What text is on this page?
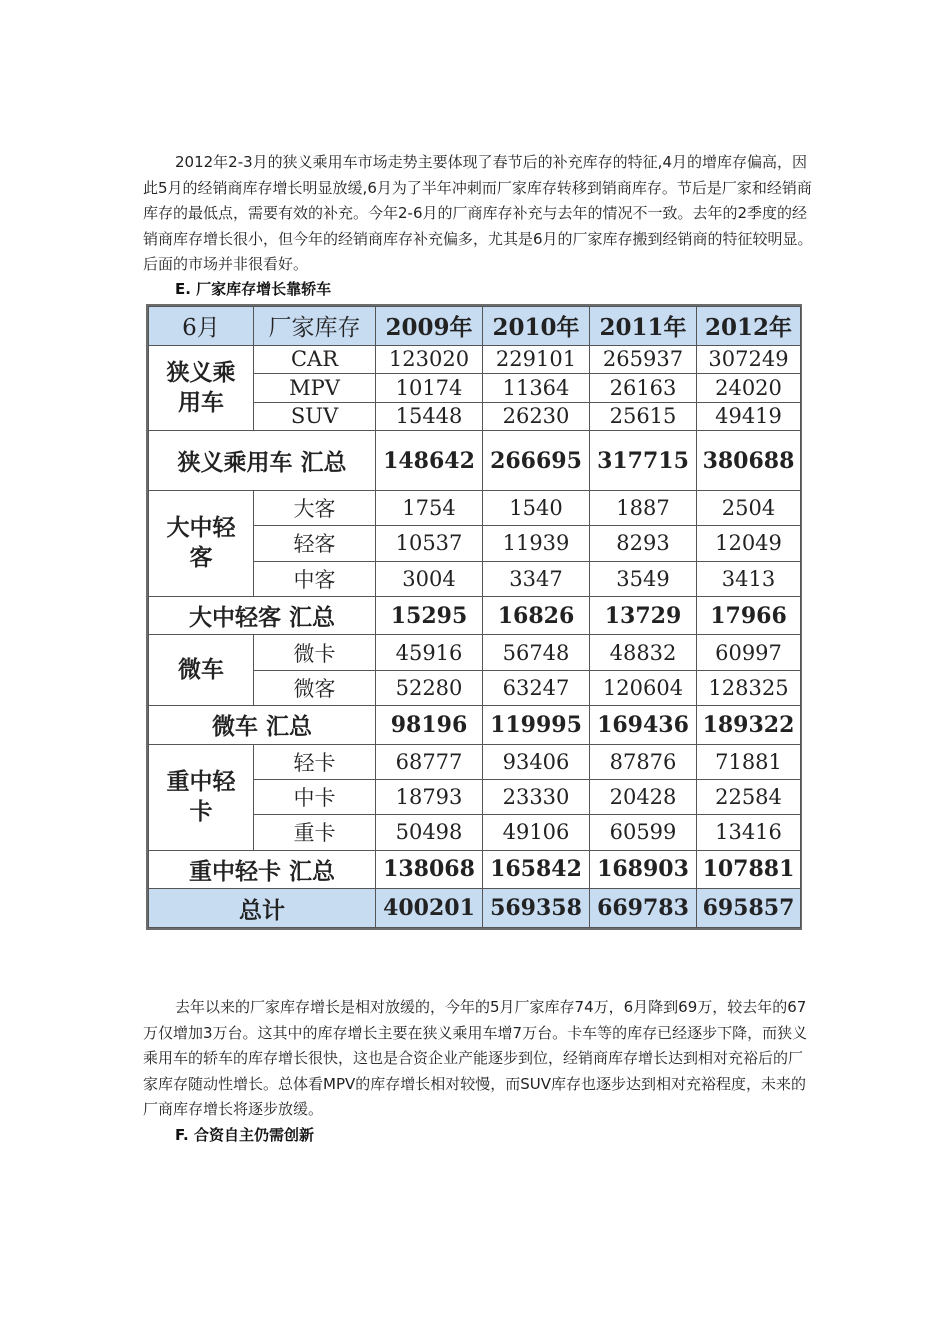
2012年2-3月的狭义乘用车市场走势主要体现了春节后的补充库存的特征,4月的增库存偏高，因此5月的经销商库存增长明显放缓,6月为了半年冲刺而厂家库存转移到销商库存。节后是厂家和经销商库存的最低点，需要有效的补充。今年2-6月的厂商库存补充与去年的情况不一致。去年的2季度的经销商库存增长很小，但今年的经销商库存补充偏多，尤其是6月的厂家库存搬到经销商的特征较明显。后面的市场并非很看好。

E. 厂家库存增长靠轿车

6月	厂家库存	2009年	2010年	2011年	2012年

狭义乘用车	CAR	123020	229101	265937	307249
	MPV	10174	11364	26163	24020
	SUV	15448	26230	25615	49419
狭义乘用车 汇总		148642	266695	317715	380688

大中轻客	大客	1754	1540	1887	2504
	轻客	10537	11939	8293	12049
	中客	3004	3347	3549	3413
大中轻客 汇总		15295	16826	13729	17966
微车	微卡	45916	56748	48832	60997
	微客	52280	63247	120604	128325
微车 汇总		98196	119995	169436	189322

重中轻卡	轻卡	68777	93406	87876	71881
	中卡	18793	23330	20428	22584
	重卡	50498	49106	60599	13416
重中轻卡 汇总		138068	165842	168903	107881
总计		400201	569358	669783	695857

去年以来的厂家库存增长是相对放缓的，今年的5月厂家库存74万，6月降到69万，较去年的67万仅增加3万台。这其中的库存增长主要在狭义乘用车增7万台。卡车等的库存已经逐步下降，而狭义乘用车的轿车的库存增长很快，这也是合资企业产能逐步到位，经销商库存增长达到相对充裕后的厂家库存随动性增长。总体看MPV的库存增长相对较慢，而SUV库存也逐步达到相对充裕程度，未来的厂商库存增长将逐步放缓。

F. 合资自主仍需创新
